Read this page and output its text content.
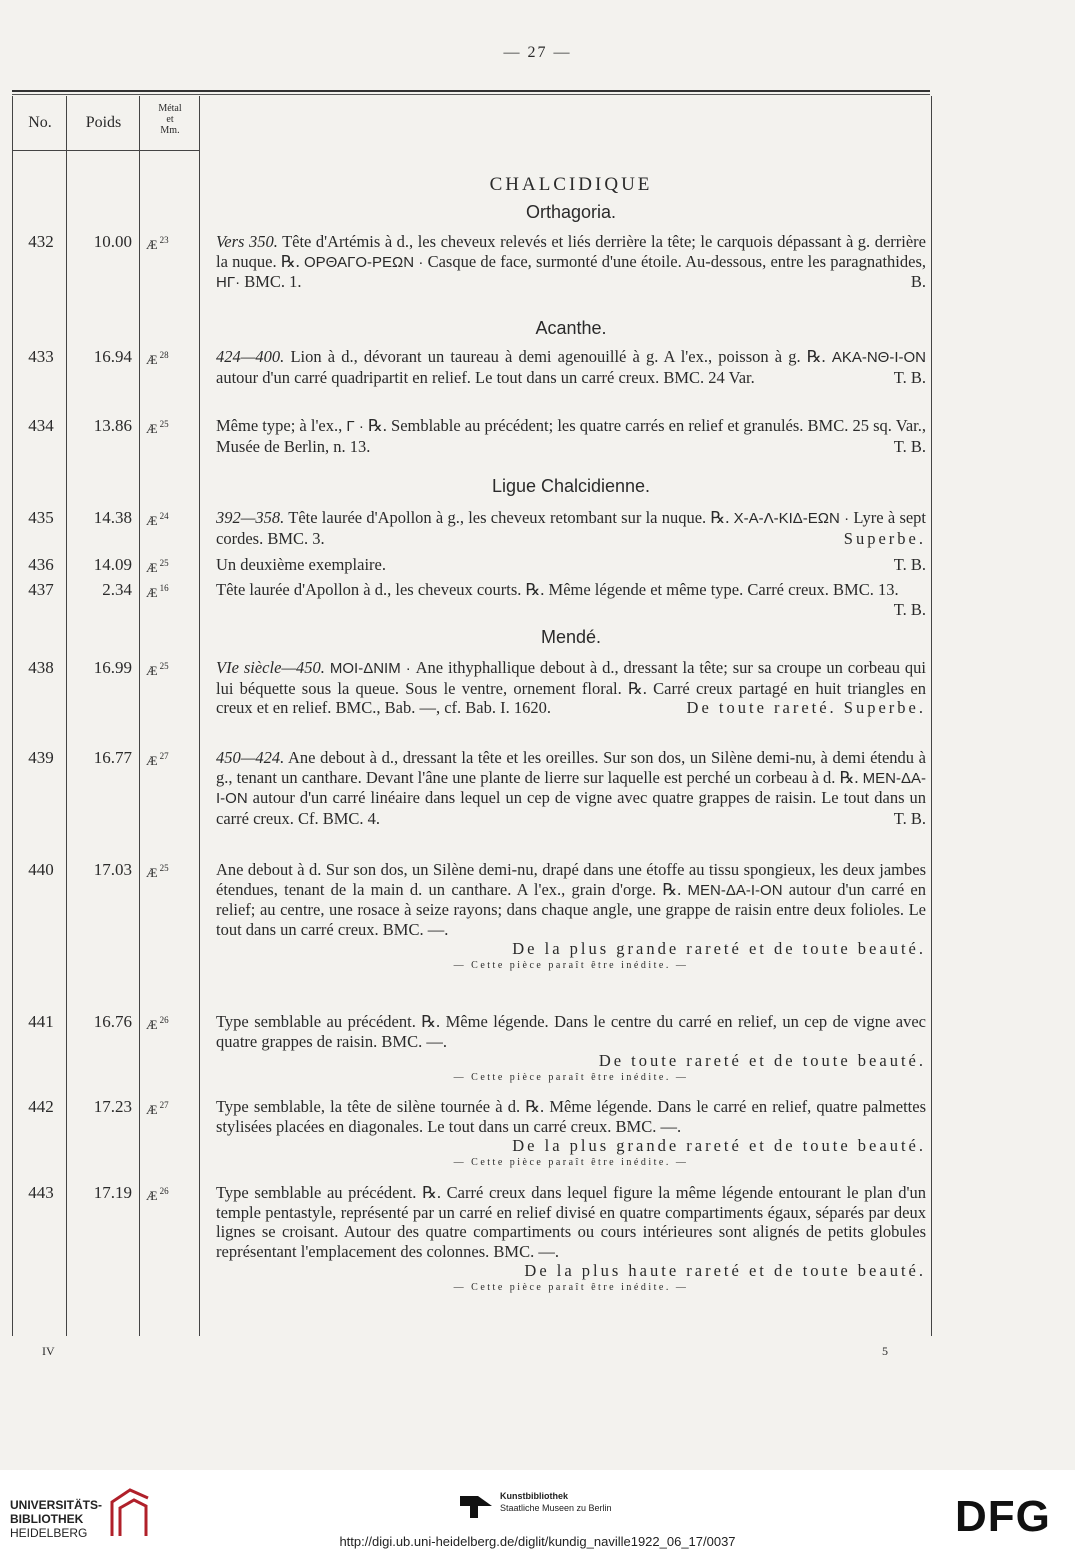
— 27 —
No.	Poids
Métal
et
Mm.
CHALCIDIQUE
Orthagoria.
Acanthe.
Ligue Chalcidienne.
Mendé.
432	10.00 Æ $^{23}$	Vers 350. Tête d'Artémis à d., les cheveux relevés et liés derrière la tête; le carquois dépassant à g. derrière la nuque. ℞. ΟΡΘΑΓΟ-ΡΕΩΝ · Casque de face, surmonté d'une étoile. Au-dessous, entre les paragnathides, ΗΓ· BMC. 1.	B.
433	16.94 Æ $^{28}$	424—400. Lion à d., dévorant un taureau à demi agenouillé à g. A l'ex., poisson à g. ℞. ΑΚΑ-ΝΘ-Ι-ΟΝ autour d'un carré quadripartit en relief. Le tout dans un carré creux. BMC. 24 Var.	T. B.
434	13.86 Æ $^{25}$	Même type; à l'ex., Γ · ℞. Semblable au précédent; les quatre carrés en relief et granulés. BMC. 25 sq. Var., Musée de Berlin, n. 13.	T. B.
435	14.38 Æ $^{24}$	392—358. Tête laurée d'Apollon à g., les cheveux retombant sur la nuque. ℞. Χ-Α-Λ-ΚΙΔ-ΕΩΝ · Lyre à sept cordes. BMC. 3.	Superbe.
436	14.09 Æ $^{25}$	Un deuxième exemplaire.	T. B.
437	2.34 Æ $^{16}$	Tête laurée d'Apollon à d., les cheveux courts. ℞. Même légende et même type. Carré creux. BMC. 13.
T. B.
438	16.99 Æ $^{25}$	VIe siècle—450. ΜΟΙ-ΔΝΙΜ · Ane ithyphallique debout à d., dressant la tête; sur sa croupe un corbeau qui lui béquette sous la queue. Sous le ventre, ornement floral. ℞. Carré creux partagé en huit triangles en creux et en relief. BMC., Bab. —, cf. Bab. I. 1620.	De toute rareté. Superbe.
439	16.77 Æ $^{27}$	450—424. Ane debout à d., dressant la tête et les oreilles. Sur son dos, un Silène demi-nu, à demi étendu à g., tenant un canthare. Devant l'âne une plante de lierre sur laquelle est perché un corbeau à d. ℞. ΜΕΝ-ΔΑ-Ι-ΟΝ autour d'un carré linéaire dans lequel un cep de vigne avec quatre grappes de raisin. Le tout dans un carré creux. Cf. BMC. 4.	T. B.
440	17.03 Æ $^{25}$	Ane debout à d. Sur son dos, un Silène demi-nu, drapé dans une étoffe au tissu spongieux, les deux jambes étendues, tenant de la main d. un canthare. A l'ex., grain d'orge. ℞. ΜΕΝ-ΔΑ-Ι-ΟΝ autour d'un carré en relief; au centre, une rosace à seize rayons; dans chaque angle, une grappe de raisin entre deux folioles. Le tout dans un carré creux. BMC. —.
De la plus grande rareté et de toute beauté.
— Cette pièce paraît être inédite. —
441	16.76 Æ $^{26}$	Type semblable au précédent. ℞. Même légende. Dans le centre du carré en relief, un cep de vigne avec quatre grappes de raisin. BMC. —.
De toute rareté et de toute beauté.
— Cette pièce paraît être inédite. —
442	17.23 Æ $^{27}$	Type semblable, la tête de silène tournée à d. ℞. Même légende. Dans le carré en relief, quatre palmettes stylisées placées en diagonales. Le tout dans un carré creux. BMC. —.
De la plus grande rareté et de toute beauté.
— Cette pièce paraît être inédite. —
443	17.19 Æ $^{26}$	Type semblable au précédent. ℞. Carré creux dans lequel figure la même légende entourant le plan d'un temple pentastyle, représenté par un carré en relief divisé en quatre compartiments égaux, séparés par deux lignes se croisant. Autour des quatre compartiments ou cours intérieures sont alignés de petits globules représentant l'emplacement des colonnes. BMC. —.
De la plus haute rareté et de toute beauté.
— Cette pièce paraît être inédite. —
IV	5
UNIVERSITÄTS-
BIBLIOTHEK
HEIDELBERG
Kunstbibliothek
Staatliche Museen zu Berlin	DFG
http://digi.ub.uni-heidelberg.de/diglit/kundig_naville1922_06_17/0037
